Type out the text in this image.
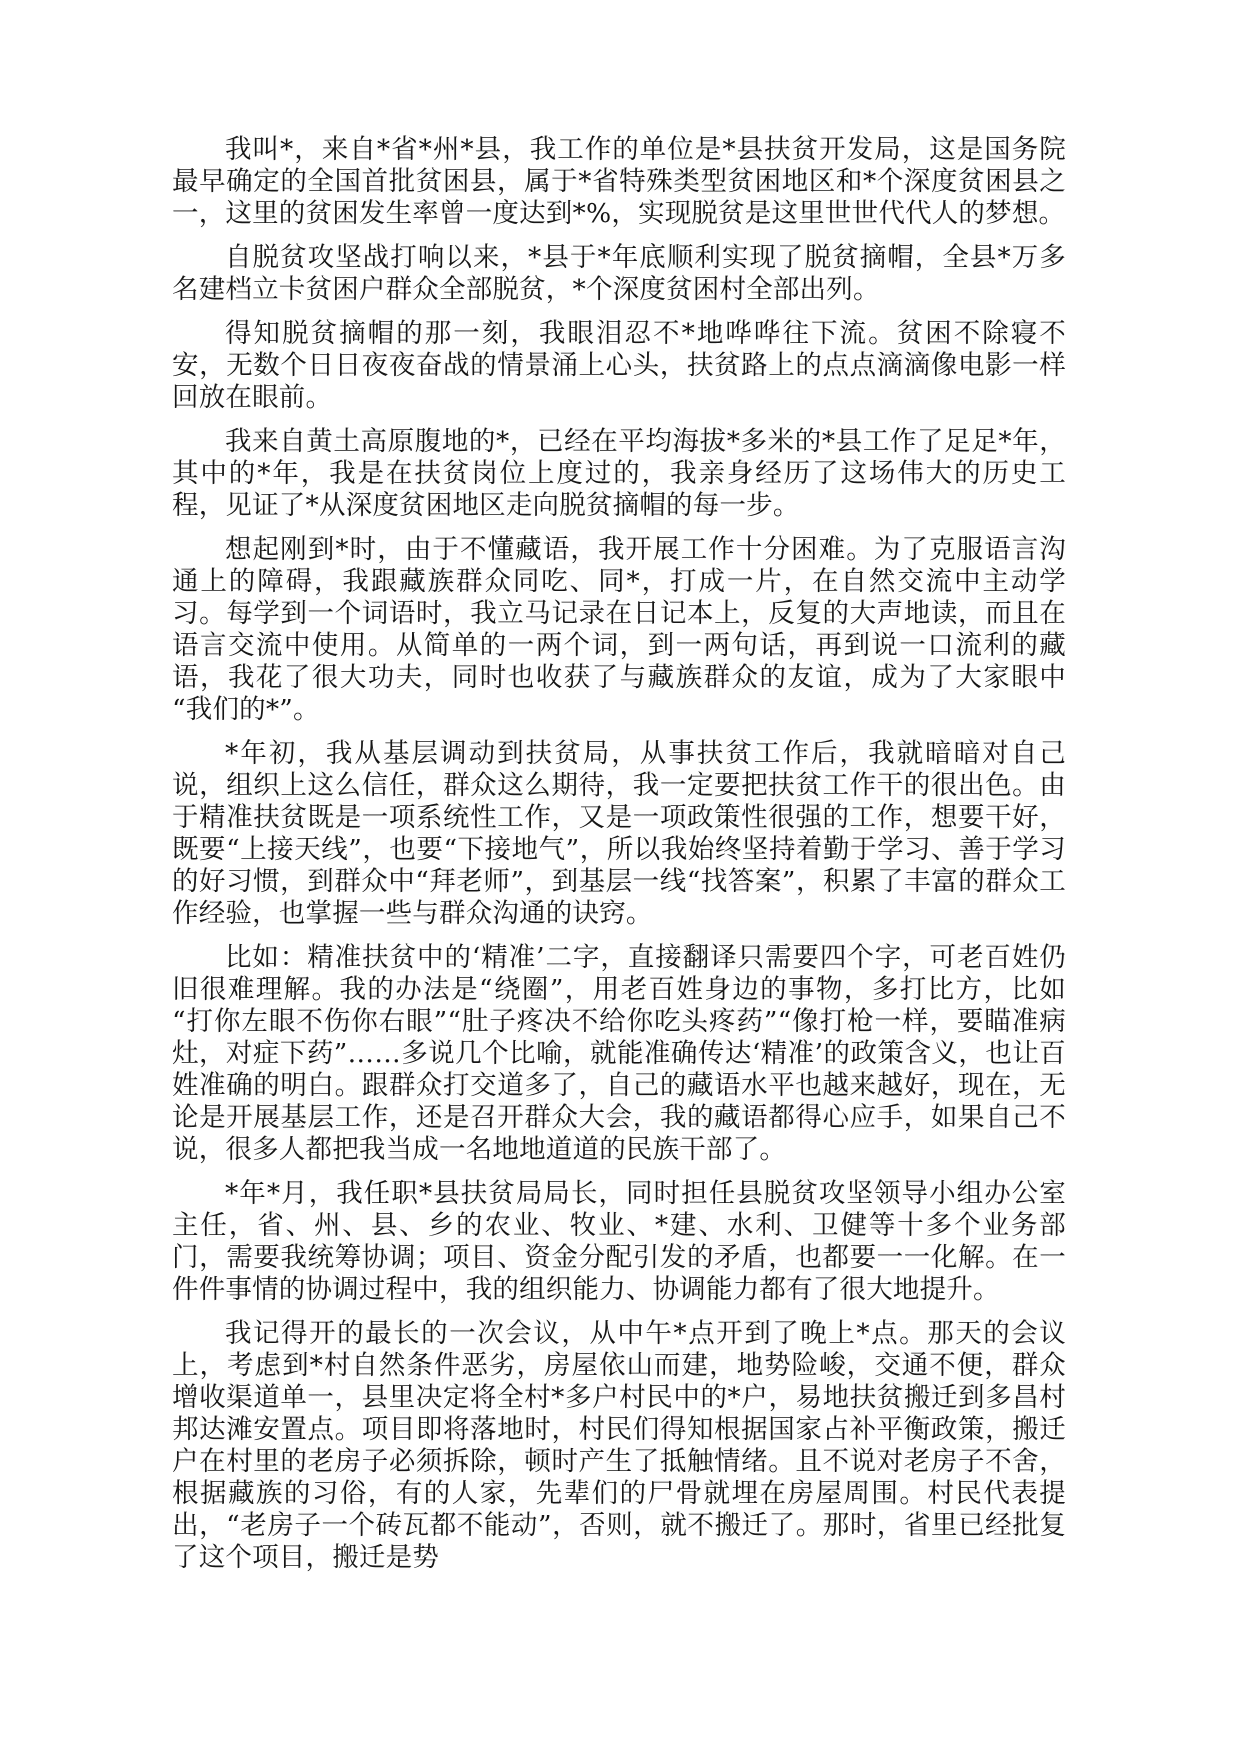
我叫*，来自*省*州*县，我工作的单位是*县扶贫开发局，这是国务院最早确定的全国首批贫困县，属于*省特殊类型贫困地区和*个深度贫困县之一，这里的贫困发生率曾一度达到*%，实现脱贫是这里世世代代人的梦想。

自脱贫攻坚战打响以来，*县于*年底顺利实现了脱贫摘帽，全县*万多名建档立卡贫困户群众全部脱贫，*个深度贫困村全部出列。

得知脱贫摘帽的那一刻，我眼泪忍不*地哗哗往下流。贫困不除寝不安，无数个日日夜夜奋战的情景涌上心头，扶贫路上的点点滴滴像电影一样回放在眼前。

我来自黄土高原腹地的*，已经在平均海拔*多米的*县工作了足足*年，其中的*年，我是在扶贫岗位上度过的，我亲身经历了这场伟大的历史工程，见证了*从深度贫困地区走向脱贫摘帽的每一步。

想起刚到*时，由于不懂藏语，我开展工作十分困难。为了克服语言沟通上的障碍，我跟藏族群众同吃、同*，打成一片，在自然交流中主动学习。每学到一个词语时，我立马记录在日记本上，反复的大声地读，而且在语言交流中使用。从简单的一两个词，到一两句话，再到说一口流利的藏语，我花了很大功夫，同时也收获了与藏族群众的友谊，成为了大家眼中“我们的*”。

*年初，我从基层调动到扶贫局，从事扶贫工作后，我就暗暗对自己说，组织上这么信任，群众这么期待，我一定要把扶贫工作干的很出色。由于精准扶贫既是一项系统性工作，又是一项政策性很强的工作，想要干好，既要“上接天线”，也要“下接地气”，所以我始终坚持着勤于学习、善于学习的好习惯，到群众中“拜老师”，到基层一线“找答案”，积累了丰富的群众工作经验，也掌握一些与群众沟通的诀窍。

比如：精准扶贫中的‘精准’二字，直接翻译只需要四个字，可老百姓仍旧很难理解。我的办法是“绕圈”，用老百姓身边的事物，多打比方，比如“打你左眼不伤你右眼”“肚子疼决不给你吃头疼药”“像打枪一样，要瞄准病灶，对症下药”……多说几个比喻，就能准确传达‘精准’的政策含义，也让百姓准确的明白。跟群众打交道多了，自己的藏语水平也越来越好，现在，无论是开展基层工作，还是召开群众大会，我的藏语都得心应手，如果自己不说，很多人都把我当成一名地地道道的民族干部了。

*年*月，我任职*县扶贫局局长，同时担任县脱贫攻坚领导小组办公室主任，省、州、县、乡的农业、牧业、*建、水利、卫健等十多个业务部门，需要我统筹协调；项目、资金分配引发的矛盾，也都要一一化解。在一件件事情的协调过程中，我的组织能力、协调能力都有了很大地提升。

我记得开的最长的一次会议，从中午*点开到了晚上*点。那天的会议上，考虑到*村自然条件恶劣，房屋依山而建，地势险峻，交通不便，群众增收渠道单一，县里决定将全村*多户村民中的*户，易地扶贫搬迁到多昌村邦达滩安置点。项目即将落地时，村民们得知根据国家占补平衡政策，搬迁户在村里的老房子必须拆除，顿时产生了抵触情绪。且不说对老房子不舍，根据藏族的习俗，有的人家，先辈们的尸骨就埋在房屋周围。村民代表提出，“老房子一个砖瓦都不能动”，否则，就不搬迁了。那时，省里已经批复了这个项目，搬迁是势
